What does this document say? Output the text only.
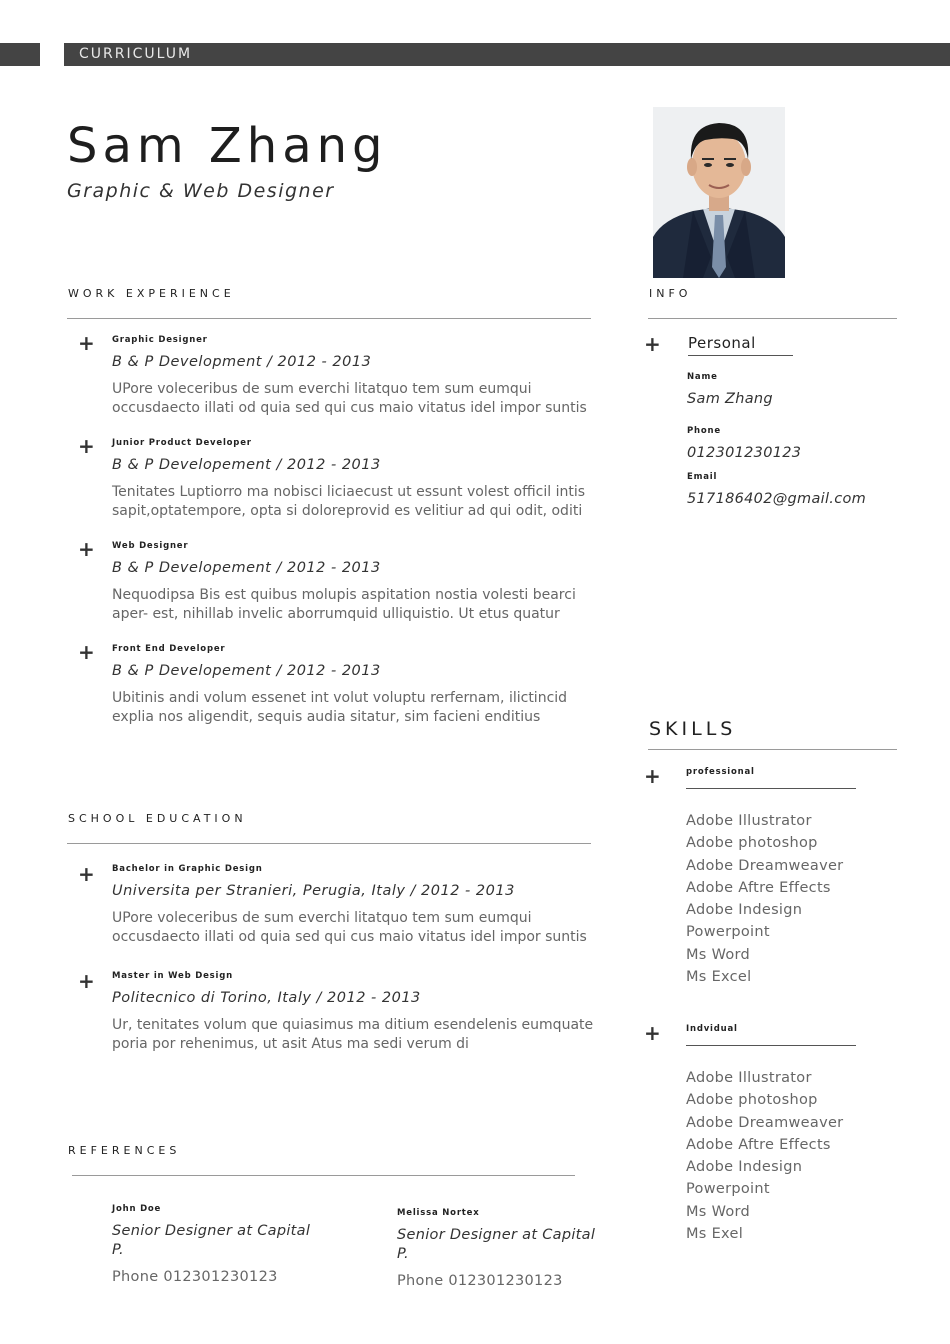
CURRICULUM
Sam Zhang
Graphic & Web Designer
WORK EXPERIENCE
+ Graphic Designer
B & P Development / 2012 - 2013
UPore voleceribus de sum everchi litatquo tem sum eumqui occusdaecto illati od quia sed qui cus maio vitatus idel impor suntis
+ Junior Product Developer
B & P Developement / 2012 - 2013
Tenitates Luptiorro ma nobisci liciaecust ut essunt volest officil intis sapit,optatempore, opta si doloreprovid es velitiur ad qui odit, oditi
+ Web Designer
B & P Developement / 2012 - 2013
Nequodipsa Bis est quibus molupis aspitation nostia volesti bearci aper- est, nihillab invelic aborrumquid ulliquistio. Ut etus quatur
+ Front End Developer
B & P Developement / 2012 - 2013
Ubitinis andi volum essenet int volut voluptu rerfernam, ilictincid explia nos aligendit, sequis audia sitatur, sim facieni enditius
SCHOOL EDUCATION
+ Bachelor in Graphic Design
Universita per Stranieri, Perugia, Italy / 2012 - 2013
UPore voleceribus de sum everchi litatquo tem sum eumqui occusdaecto illati od quia sed qui cus maio vitatus idel impor suntis
+ Master in Web Design
Politecnico di Torino, Italy / 2012 - 2013
Ur, tenitates volum que quiasimus ma ditium esendelenis eumquate poria por rehenimus, ut asit Atus ma sedi verum di
REFERENCES
John Doe
Senior Designer at Capital P.
Phone 012301230123
Melissa Nortex
Senior Designer at Capital P.
Phone 012301230123
INFO
+ Personal
Name
Sam Zhang
Phone
012301230123
Email
517186402@gmail.com
SKILLS
+	professional
Adobe Illustrator
Adobe photoshop
Adobe Dreamweaver
Adobe Aftre Effects
Adobe Indesign
Powerpoint
Ms Word
Ms Excel
+	Indvidual
Adobe Illustrator
Adobe photoshop
Adobe Dreamweaver
Adobe Aftre Effects
Adobe Indesign
Powerpoint
Ms Word
Ms Exel
